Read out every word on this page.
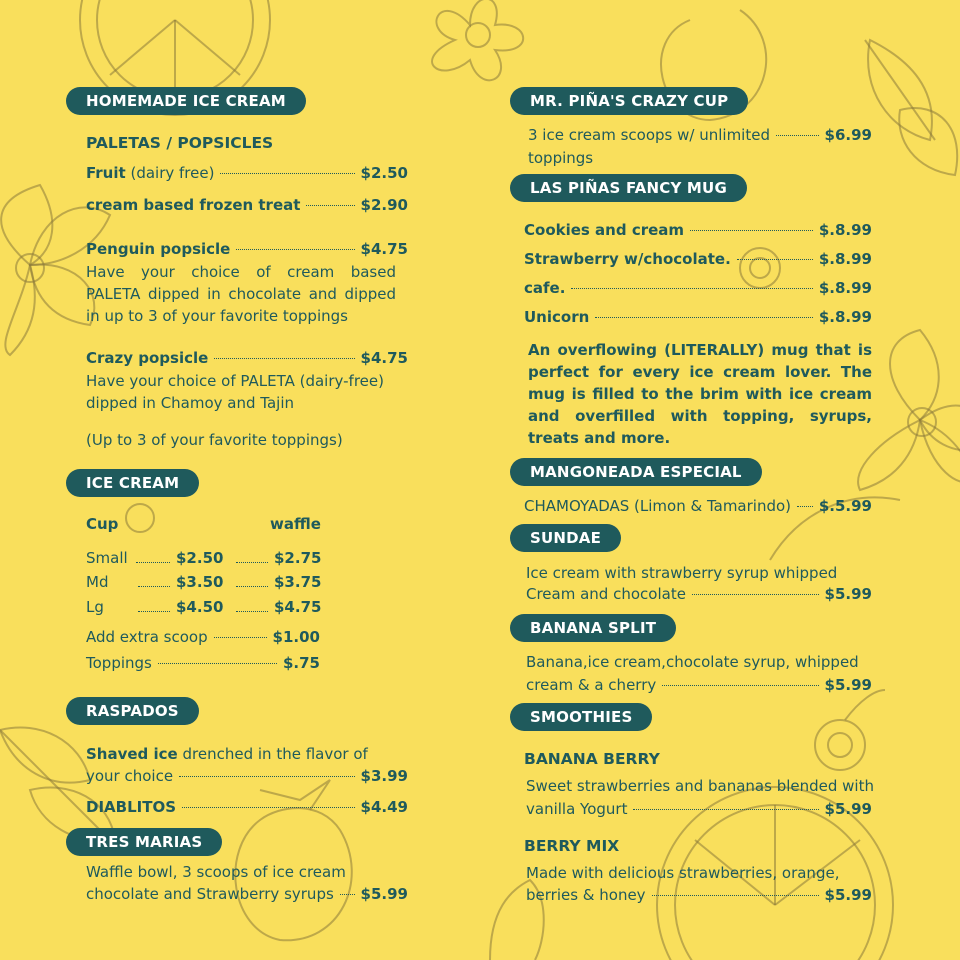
HOMEMADE ICE CREAM
PALETAS / POPSICLES
Fruit (dairy free)	$2.50
cream based frozen treat	$2.90
Penguin popsicle	$4.75
Have your choice of cream based PALETA dipped in chocolate and dipped in up to 3 of your favorite toppings
Crazy popsicle	$4.75
Have your choice of PALETA (dairy-free) dipped in Chamoy and Tajin
(Up to 3 of your favorite toppings)
ICE CREAM
Cup	waffle
Small	$2.50	$2.75
Md	$3.50	$3.75
Lg	$4.50	$4.75
Add extra scoop	$1.00
Toppings	$.75
RASPADOS
Shaved ice drenched in the flavor of
your choice	$3.99
DIABLITOS	$4.49
TRES MARIAS
Waffle bowl, 3 scoops of ice cream
chocolate and Strawberry syrups $5.99
MR. PIÑA'S CRAZY CUP
3 ice cream scoops w/ unlimited	$6.99
toppings
LAS PIÑAS FANCY MUG
Cookies and cream	$.8.99
Strawberry w/chocolate.	$.8.99
cafe.	$.8.99
Unicorn	$.8.99
An overflowing (LITERALLY) mug that is perfect for every ice cream lover. The mug is filled to the brim with ice cream and overfilled with topping, syrups, treats and more.
MANGONEADA ESPECIAL
CHAMOYADAS (Limon & Tamarindo) $.5.99
SUNDAE
Ice cream with strawberry syrup whipped
Cream and chocolate	$5.99
BANANA SPLIT
Banana,ice cream,chocolate syrup, whipped
cream & a cherry	$5.99
SMOOTHIES
BANANA BERRY
Sweet strawberries and bananas blended with
vanilla Yogurt	$5.99
BERRY MIX
Made with delicious strawberries, orange,
berries & honey	$5.99
